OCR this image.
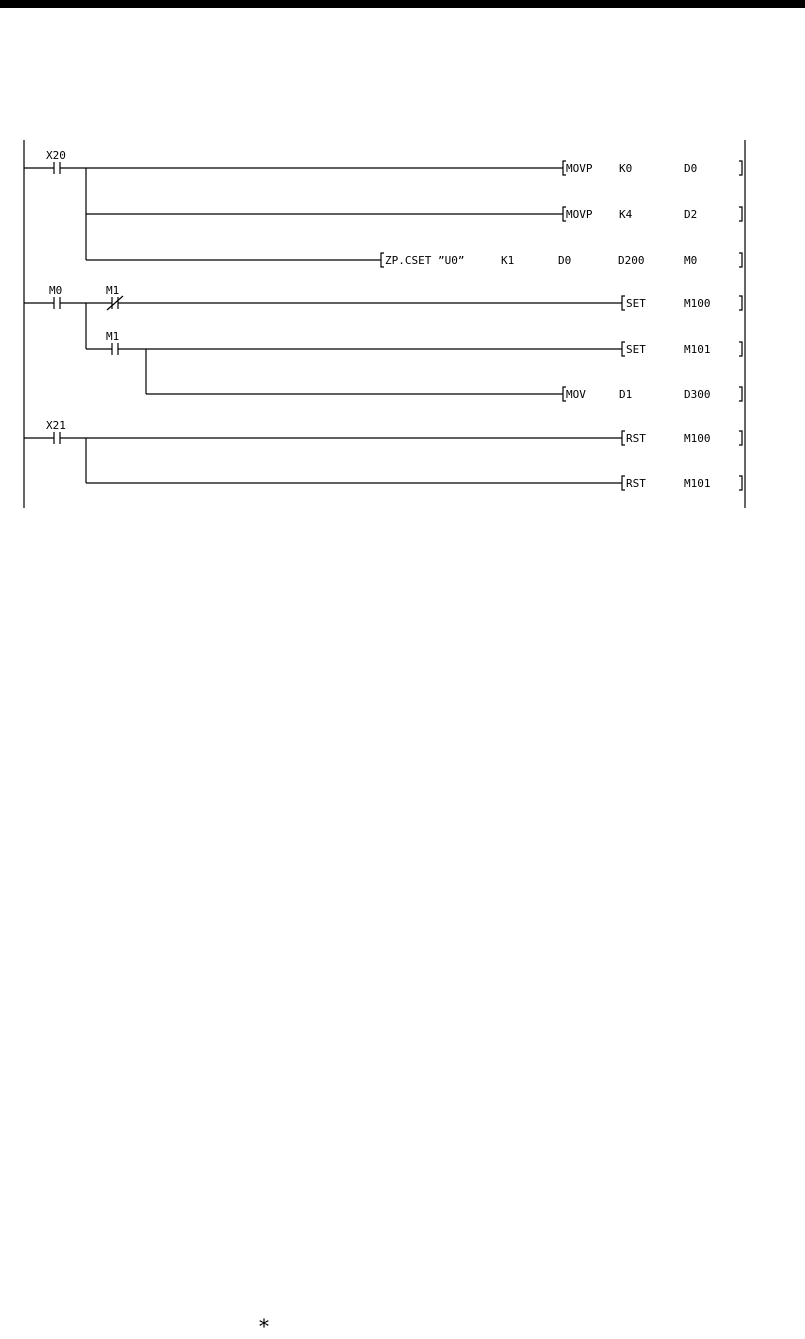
X20
MOVP K0	D0
MOVP K4	D2
ZP.CSET ”U0”	K1	D0	D200	M0
M0	M1
M1
SET	M100
SET	M101
MOV	D1	D300
X21
RST	M100
RST	M101
*
